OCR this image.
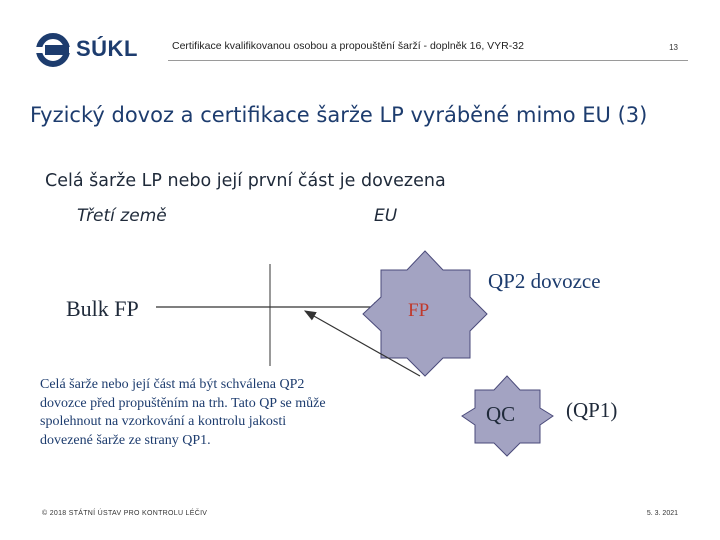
SÚKL	Certifikace kvalifikovanou osobou a propouštění šarží - doplněk 16, VYR-32	13
Fyzický dovoz a certifikace šarže LP vyráběné mimo EU (3)
Celá šarže LP nebo její první část je dovezena
Třetí země	EU
Bulk FP	FP
QP2 dovozce
QC (QP1)
Celá šarže nebo její část má být schválena QP2
dovozce před propuštěním na trh. Tato QP se může
spolehnout na vzorkování a kontrolu jakosti
dovezené šarže ze strany QP1.
© 2018 STÁTNÍ ÚSTAV PRO KONTROLU LÉČIV	5. 3. 2021
